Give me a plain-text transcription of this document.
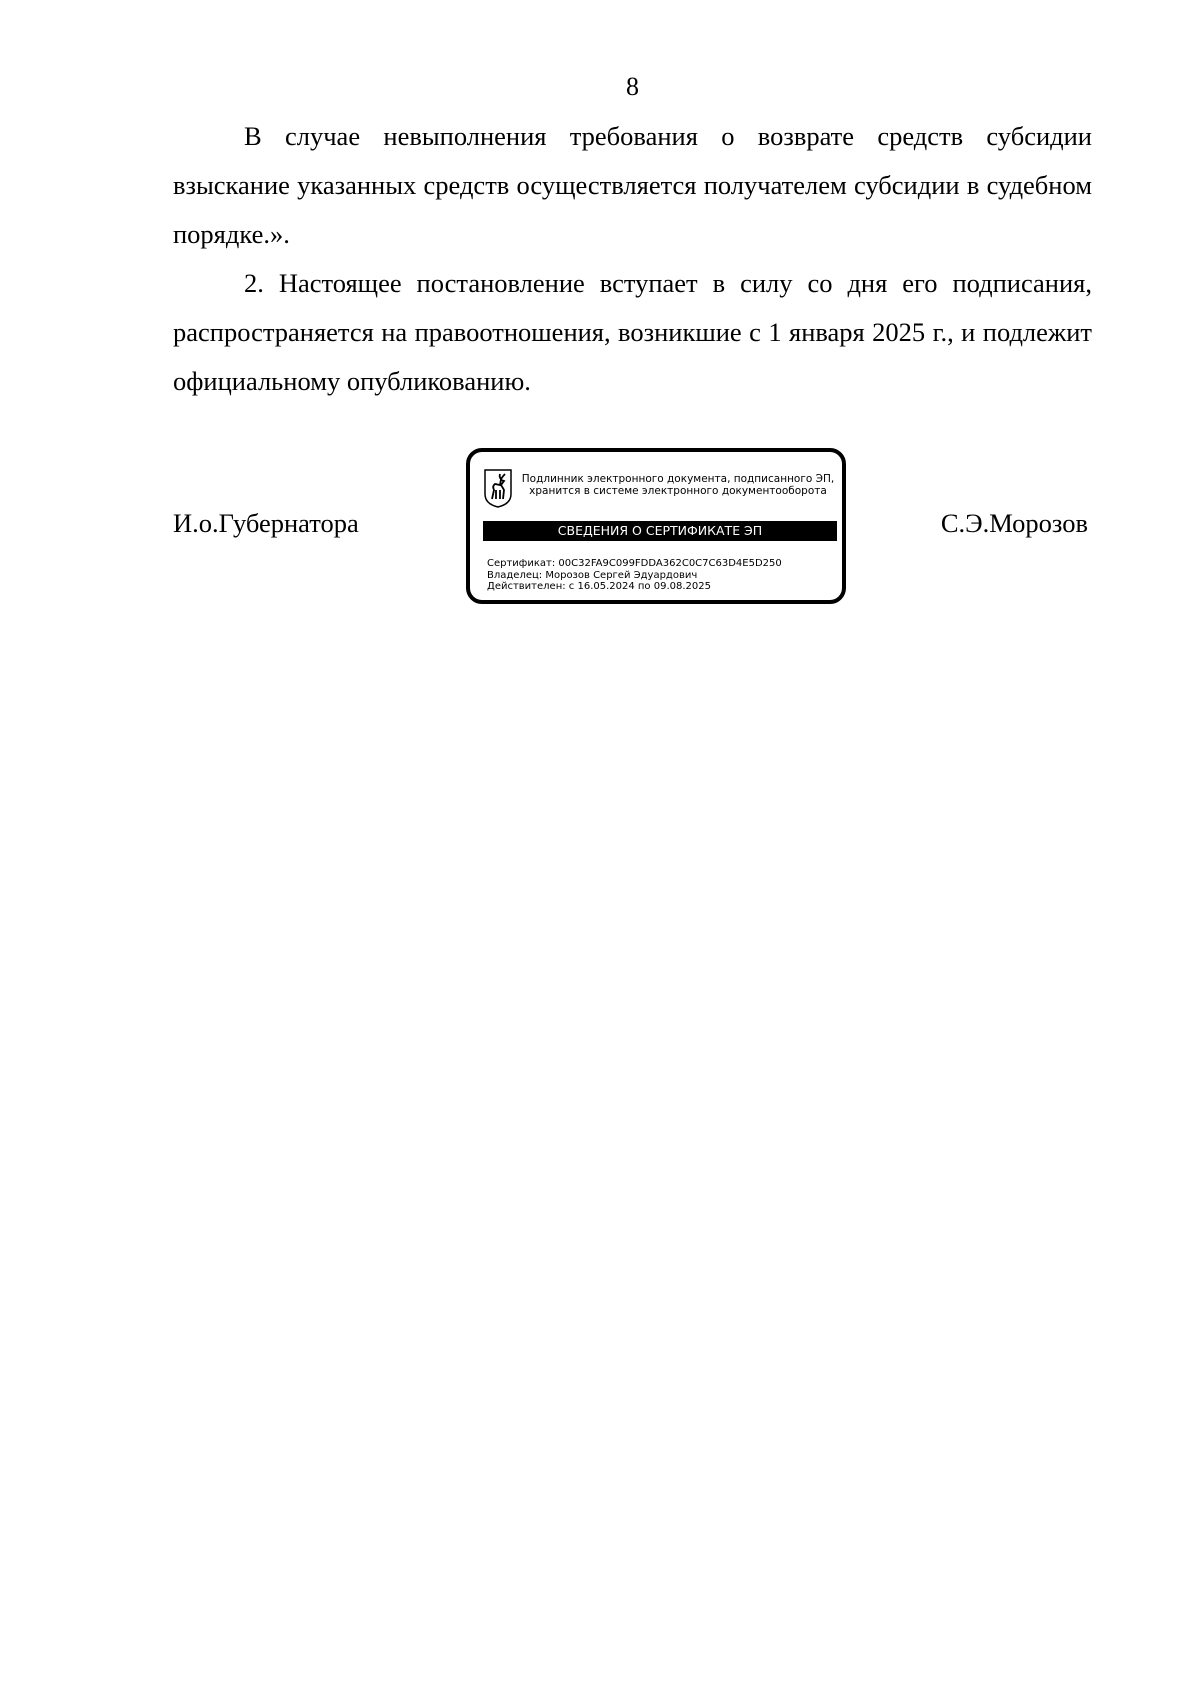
8

В случае невыполнения требования о возврате средств субсидии взыскание указанных средств осуществляется получателем субсидии в судебном порядке.».

2. Настоящее постановление вступает в силу со дня его подписания, распространяется на правоотношения, возникшие с 1 января 2025 г., и подлежит официальному опубликованию.

И.о.Губернатора	С.Э.Морозов
Подлинник электронного документа, подписанного ЭП,
хранится в системе электронного документооборота
СВЕДЕНИЯ О СЕРТИФИКАТЕ ЭП
Сертификат: 00C32FA9C099FDDA362C0C7C63D4E5D250
Владелец: Морозов Сергей Эдуардович
Действителен: с 16.05.2024 по 09.08.2025
